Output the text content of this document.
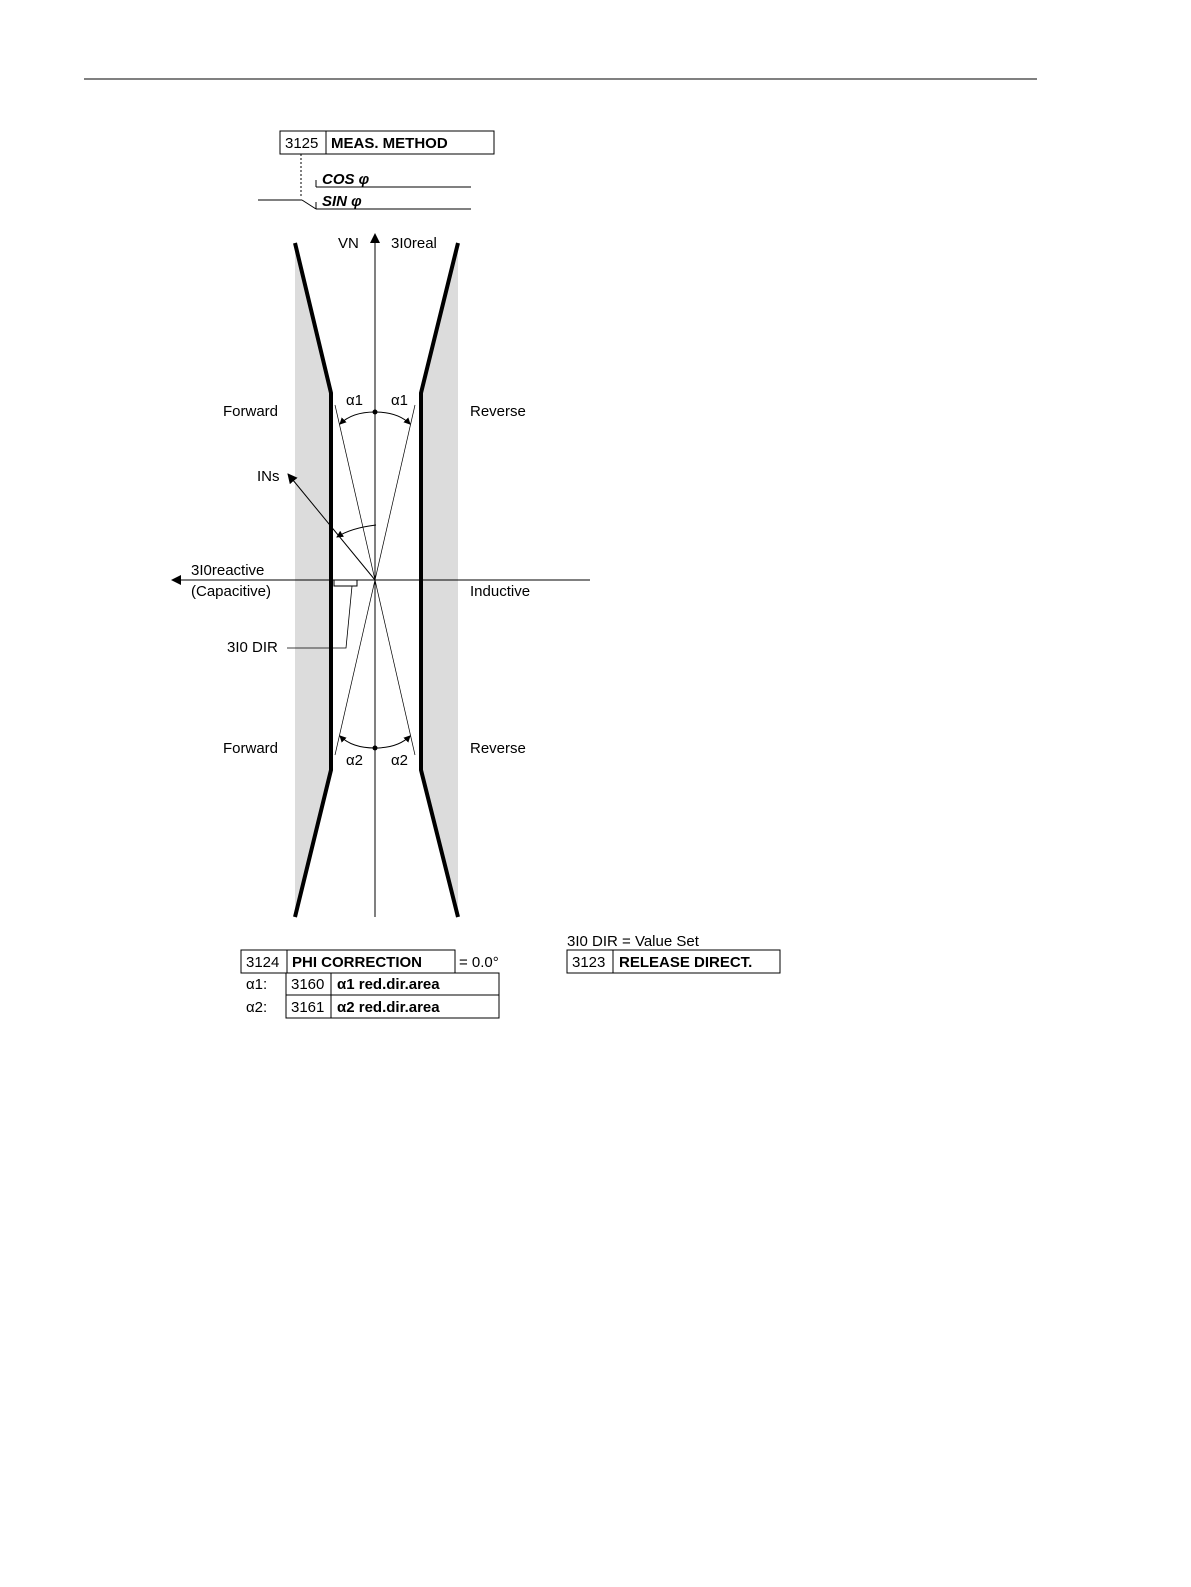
3125 MEAS. METHOD
COS φ
SIN φ
VN 3I0real
3I0reactive
(Capacitive)	Inductive
INs
3I0 DIR
Forward	Reverse
Forward	Reverse
α1 α1
α2 α2
3124 PHI CORRECTION = 0.0°
α1: 3160 α1 red.dir.area
α2: 3161 α2 red.dir.area
3I0 DIR = Value Set
3123 RELEASE DIRECT.
